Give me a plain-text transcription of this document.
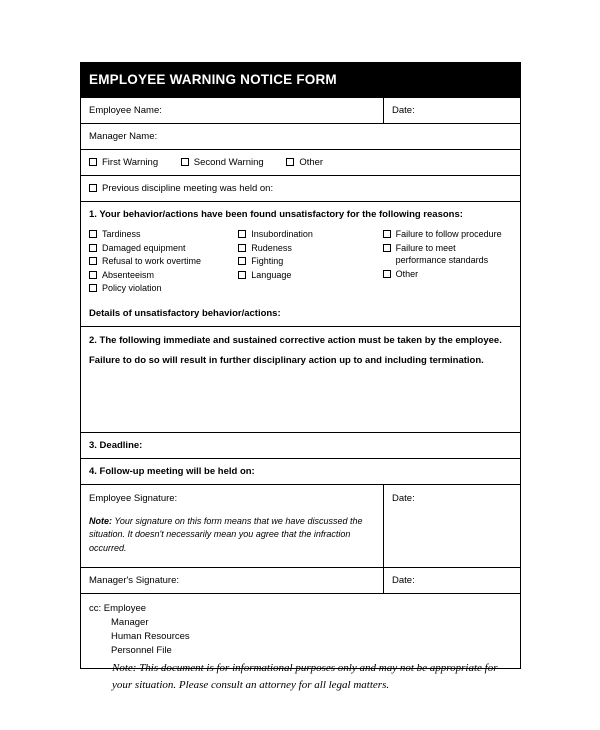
EMPLOYEE WARNING NOTICE FORM
Employee Name:	Date:
Manager Name:
First Warning	Second Warning	Other
Previous discipline meeting was held on:
1. Your behavior/actions have been found unsatisfactory for the following reasons:
Tardiness
Damaged equipment
Refusal to work overtime
Absenteeism
Policy violation
Insubordination
Rudeness
Fighting
Language
Failure to follow procedure
Failure to meet performance standards
Other
Details of unsatisfactory behavior/actions:
2. The following immediate and sustained corrective action must be taken by the employee.
Failure to do so will result in further disciplinary action up to and including termination.
3. Deadline:
4. Follow-up meeting will be held on:
Employee Signature:
Note: Your signature on this form means that we have discussed the situation. It doesn't necessarily mean you agree that the infraction occurred.
Date:
Manager's Signature:	Date:
cc: Employee
Manager
Human Resources
Personnel File
Note: This document is for informational purposes only and may not be appropriate for your situation. Please consult an attorney for all legal matters.
